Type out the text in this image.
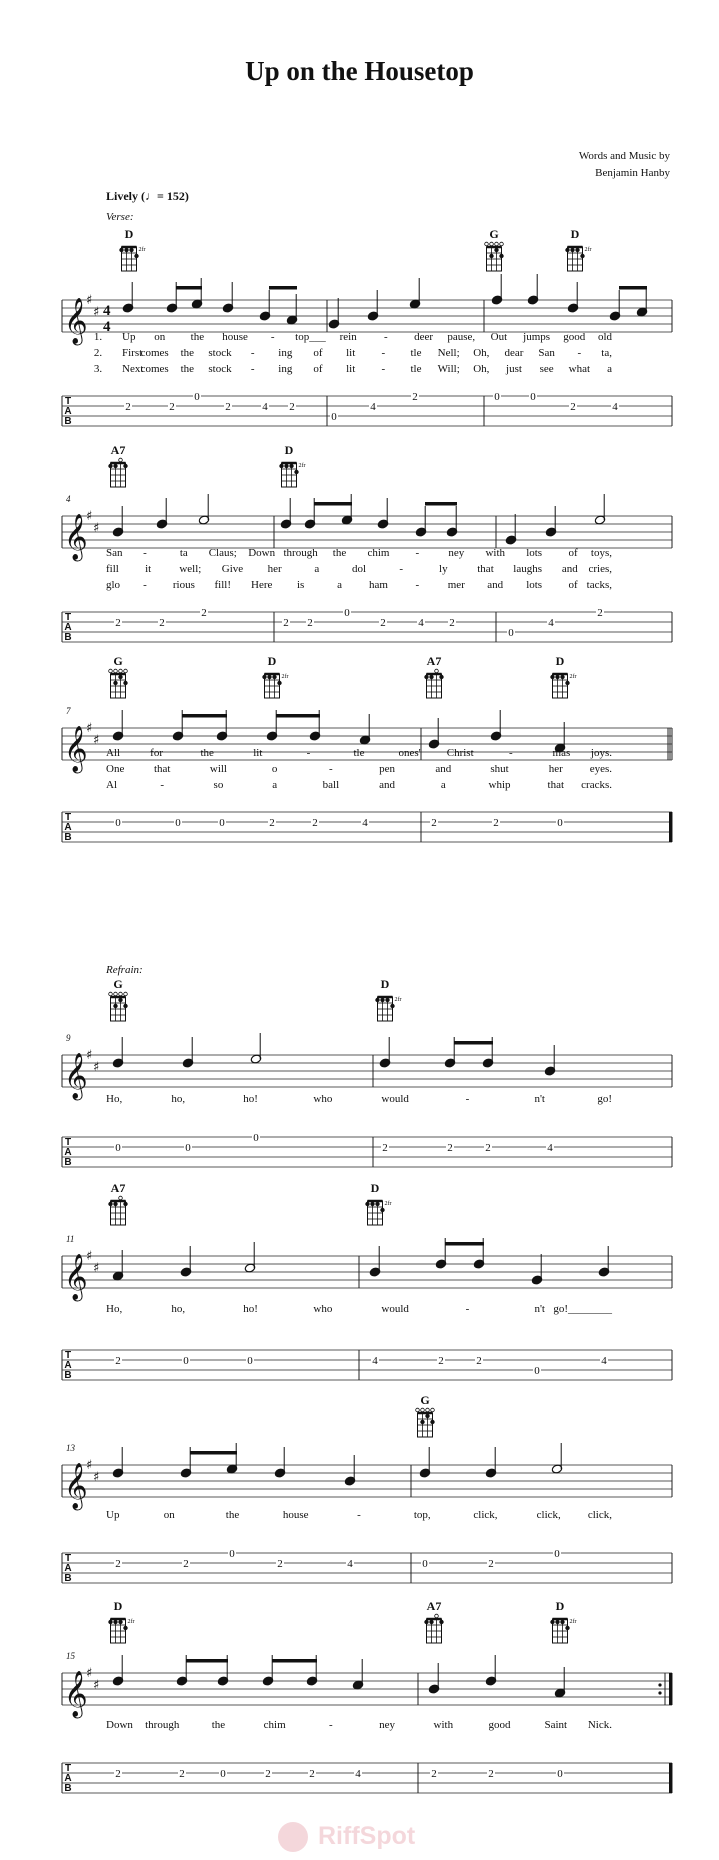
Up on the Housetop
Words and Music by
Benjamin Hanby
Lively (♩= 152)
Verse:
Refrain:
D
2fr
G	D
2fr
𝄞
♯
♯ 4
4
1. Up on the house - top___ rein - deer pause, Out jumps good old
2. First
comes the stock - ing of lit - tle Nell; Oh, dear San - ta,
3. Next
comes the stock - ing of lit - tle Will; Oh, just see what a
T
A
B
2	2
0
2	4 2
0
4
2	0	0
2	4
4
A7	D
2fr
𝄞
♯
♯
San -	ta Claus; Down through the chim -	ney with lots of toys,
fill it	well; Give her	a	dol	-	ly	that laughs and cries,
glo - rious fill! Here is	a ham	-	mer and lots of tacks,
T
A
B
2	2
2
2 2
0
2	4 2
0
4
2
7
G	D
2fr
A7	D
2fr
𝄞
♯
♯
All	for	the	lit	-	tle	ones' Christ	-	mas joys.
One	that	will	o	-	pen	and	shut	her eyes.
Al	-	so	a	ball	and	a	whip	that cracks.
T
A
B
0	0	0	2	2	4	2	2	0
9
G	D
2fr
𝄞
♯
♯
Ho,	ho,	ho!	who	would	-	n't	go!
T
A
B
0	0
0
2	2	2	4
11
A7	D
2fr
𝄞
♯
♯
Ho,	ho,	ho!	who	would	-	n't go!________
T
A
B
2	0	0	4	2	2
0
4
13
G
𝄞
♯
♯
Up	on	the	house	-	top,	click,	click, click,
T
A
B
2	2
0
2	4	0	2
0
15
D
2fr
A7	D
2fr
𝄞
♯
♯
Down through	the	chim	-	ney	with	good	Saint Nick.
T
A
B
2	2	0	2	2	4	2	2	0
RiffSpot
